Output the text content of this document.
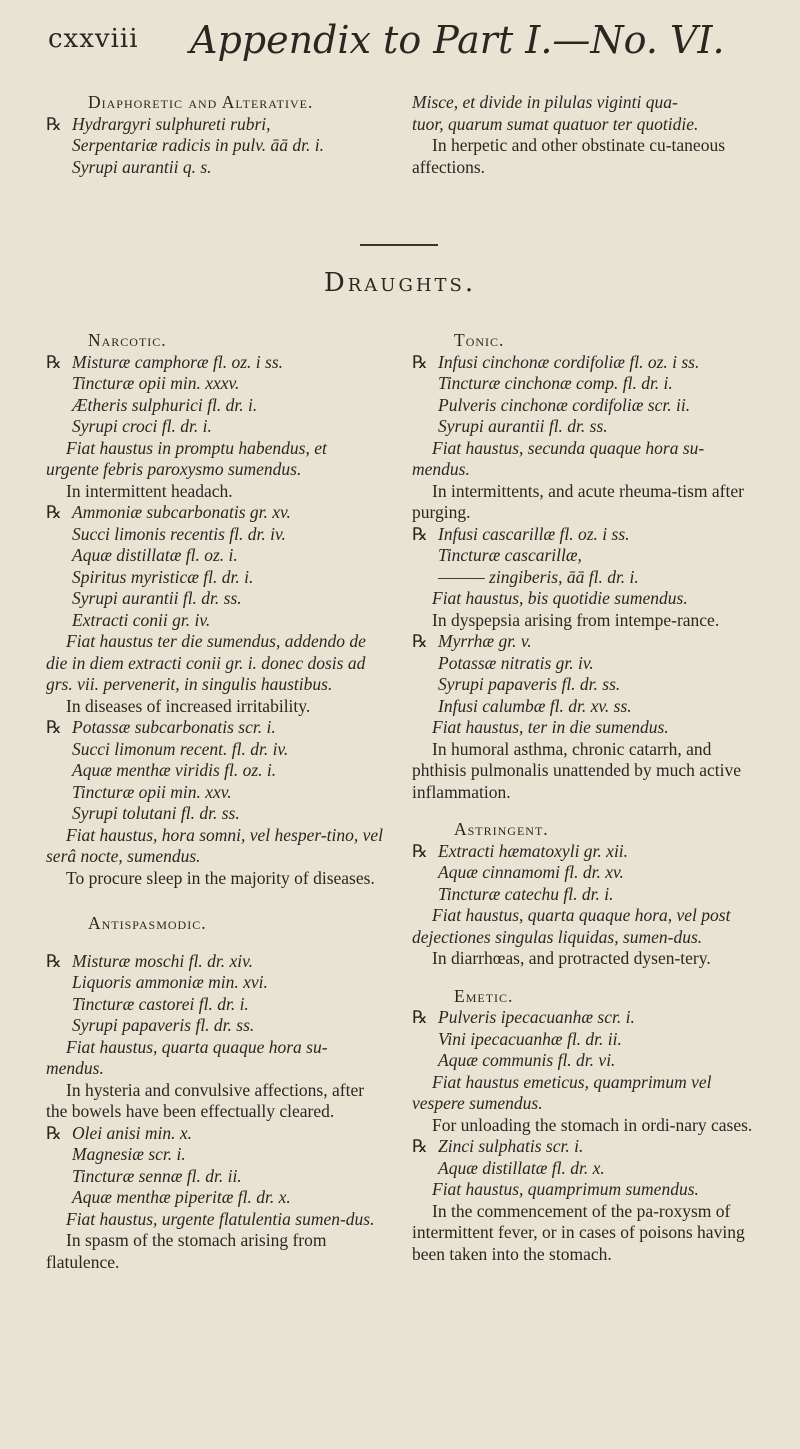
cxxviii Appendix to Part I.—No. VI.

Diaphoretic and Alterative.

℞ Hydrargyri sulphureti rubri,

Serpentariæ radicis in pulv. āā dr. i.

Syrupi aurantii q. s.

Misce, et divide in pilulas viginti qua-

tuor, quarum sumat quatuor ter quotidie.

In herpetic and other obstinate cu-taneous affections.

Draughts.

Narcotic.

℞ Misturæ camphoræ fl. oz. i ss.

Tincturæ opii min. xxxv.

Ætheris sulphurici fl. dr. i.

Syrupi croci fl. dr. i.

Fiat haustus in promptu habendus, et urgente febris paroxysmo sumendus.

In intermittent headach.

℞ Ammoniæ subcarbonatis gr. xv.

Succi limonis recentis fl. dr. iv.

Aquæ distillatæ fl. oz. i.

Spiritus myristicæ fl. dr. i.

Syrupi aurantii fl. dr. ss.

Extracti conii gr. iv.

Fiat haustus ter die sumendus, addendo de die in diem extracti conii gr. i. donec dosis ad grs. vii. pervenerit, in singulis haustibus.

In diseases of increased irritability.

℞ Potassæ subcarbonatis scr. i.

Succi limonum recent. fl. dr. iv.

Aquæ menthæ viridis fl. oz. i.

Tincturæ opii min. xxv.

Syrupi tolutani fl. dr. ss.

Fiat haustus, hora somni, vel hesper-tino, vel serâ nocte, sumendus.

To procure sleep in the majority of diseases.

Antispasmodic.

℞ Misturæ moschi fl. dr. xiv.

Liquoris ammoniæ min. xvi.

Tincturæ castorei fl. dr. i.

Syrupi papaveris fl. dr. ss.

Fiat haustus, quarta quaque hora su-mendus.

In hysteria and convulsive affections, after the bowels have been effectually cleared.

℞ Olei anisi min. x.

Magnesiæ scr. i.

Tincturæ sennæ fl. dr. ii.

Aquæ menthæ piperitæ fl. dr. x.

Fiat haustus, urgente flatulentia sumen-dus.

In spasm of the stomach arising from flatulence.

Tonic.

℞ Infusi cinchonæ cordifoliæ fl. oz. i ss.

Tincturæ cinchonæ comp. fl. dr. i.

Pulveris cinchonæ cordifoliæ scr. ii.

Syrupi aurantii fl. dr. ss.

Fiat haustus, secunda quaque hora su-mendus.

In intermittents, and acute rheuma-tism after purging.

℞ Infusi cascarillæ fl. oz. i ss.

Tincturæ cascarillæ,

——— zingiberis, āā fl. dr. i.

Fiat haustus, bis quotidie sumendus.

In dyspepsia arising from intempe-rance.

℞ Myrrhæ gr. v.

Potassæ nitratis gr. iv.

Syrupi papaveris fl. dr. ss.

Infusi calumbæ fl. dr. xv. ss.

Fiat haustus, ter in die sumendus.

In humoral asthma, chronic catarrh, and phthisis pulmonalis unattended by much active inflammation.

Astringent.

℞ Extracti hæmatoxyli gr. xii.

Aquæ cinnamomi fl. dr. xv.

Tincturæ catechu fl. dr. i.

Fiat haustus, quarta quaque hora, vel post dejectiones singulas liquidas, sumen-dus.

In diarrhœas, and protracted dysen-tery.

Emetic.

℞ Pulveris ipecacuanhæ scr. i.

Vini ipecacuanhæ fl. dr. ii.

Aquæ communis fl. dr. vi.

Fiat haustus emeticus, quamprimum vel vespere sumendus.

For unloading the stomach in ordi-nary cases.

℞ Zinci sulphatis scr. i.

Aquæ distillatæ fl. dr. x.

Fiat haustus, quamprimum sumendus.

In the commencement of the pa-roxysm of intermittent fever, or in cases of poisons having been taken into the stomach.
